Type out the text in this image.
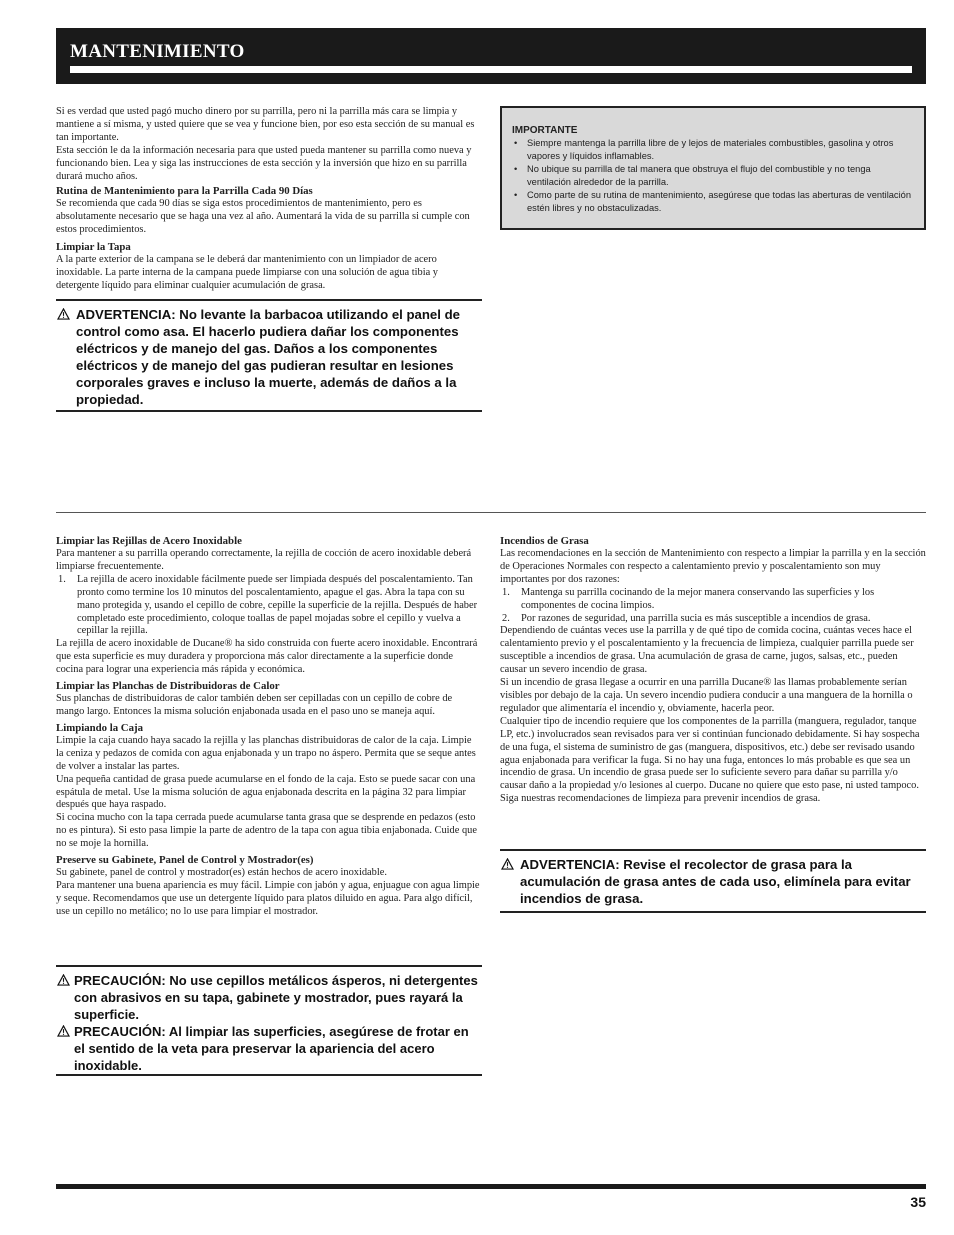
MANTENIMIENTO

Si es verdad que usted pagó mucho dinero por su parrilla, pero ni la parrilla más cara se limpia y mantiene a sí misma, y usted quiere que se vea y funcione bien, por eso esta sección de su manual es tan importante.

Esta sección le da la información necesaria para que usted pueda mantener su parrilla como nueva y funcionando bien. Lea y siga las instrucciones de esta sección y la inversión que hizo en su parrilla durará mucho años.

Rutina de Mantenimiento para la Parrilla Cada 90 Días

Se recomienda que cada 90 días se siga estos procedimientos de mantenimiento, pero es absolutamente necesario que se haga una vez al año. Aumentará la vida de su parrilla si cumple con estos procedimientos.

Limpiar la Tapa

A la parte exterior de la campana se le deberá dar mantenimiento con un limpiador de acero inoxidable. La parte interna de la campana puede limpiarse con una solución de agua tibia y detergente líquido para eliminar cualquier acumulación de grasa.

ADVERTENCIA: No levante la barbacoa utilizando el panel de control como asa. El hacerlo pudiera dañar los componentes eléctricos y de manejo del gas. Daños a los componentes eléctricos y de manejo del gas pudieran resultar en lesiones corporales graves e incluso la muerte, además de daños a la propiedad.
IMPORTANTE
• Siempre mantenga la parrilla libre de y lejos de materiales combustibles, gasolina y otros vapores y líquidos inflamables.
• No ubique su parrilla de tal manera que obstruya el flujo del combustible y no tenga ventilación alrededor de la parrilla.
• Como parte de su rutina de mantenimiento, asegúrese que todas las aberturas de ventilación estén libres y no obstaculizadas.
Limpiar las Rejillas de Acero Inoxidable

Para mantener a su parrilla operando correctamente, la rejilla de cocción de acero inoxidable deberá limpiarse frecuentemente.

1. La rejilla de acero inoxidable fácilmente puede ser limpiada después del poscalentamiento. Tan pronto como termine los 10 minutos del poscalentamiento, apague el gas. Abra la tapa con su mano protegida y, usando el cepillo de cobre, cepille la superficie de la rejilla. Después de haber completado este procedimiento, coloque toallas de papel mojadas sobre el cepillo y vuelva a cepillar la rejilla.

La rejilla de acero inoxidable de Ducane® ha sido construida con fuerte acero inoxidable. Encontrará que esta superficie es muy duradera y proporciona más calor directamente a la superficie donde cocina para lograr una experiencia más rápida y económica.

Limpiar las Planchas de Distribuidoras de Calor

Sus planchas de distribuidoras de calor también deben ser cepilladas con un cepillo de cobre de mango largo. Entonces la misma solución enjabonada usada en el paso uno se maneja aquí.

Limpiando la Caja

Limpie la caja cuando haya sacado la rejilla y las planchas distribuidoras de calor de la caja. Limpie la ceniza y pedazos de comida con agua enjabonada y un trapo no áspero. Permita que se seque antes de volver a instalar las partes.

Una pequeña cantidad de grasa puede acumularse en el fondo de la caja. Esto se puede sacar con una espátula de metal. Use la misma solución de agua enjabonada descrita en la página 32 para limpiar después que haya raspado.

Si cocina mucho con la tapa cerrada puede acumularse tanta grasa que se desprende en pedazos (esto no es pintura). Si esto pasa limpie la parte de adentro de la tapa con agua tibia enjabonada. Cuide que no se moje la hornilla.

Preserve su Gabinete, Panel de Control y Mostrador(es)

Su gabinete, panel de control y mostrador(es) están hechos de acero inoxidable.

Para mantener una buena apariencia es muy fácil. Limpie con jabón y agua, enjuague con agua limpie y seque. Recomendamos que use un detergente líquido para platos diluido en agua. Para algo difícil, use un cepillo no metálico; no lo use para limpiar el mostrador.

PRECAUCIÓN: No use cepillos metálicos ásperos, ni detergentes con abrasivos en su tapa, gabinete y mostrador, pues rayará la superficie.
PRECAUCIÓN: Al limpiar las superficies, asegúrese de frotar en el sentido de la veta para preservar la apariencia del acero inoxidable.
Incendios de Grasa

Las recomendaciones en la sección de Mantenimiento con respecto a limpiar la parrilla y en la sección de Operaciones Normales con respecto a calentamiento previo y poscalentamiento son muy importantes por dos razones:

1. Mantenga su parrilla cocinando de la mejor manera conservando las superficies y los componentes de cocina limpios.
2. Por razones de seguridad, una parrilla sucia es más susceptible a incendios de grasa.

Dependiendo de cuántas veces use la parrilla y de qué tipo de comida cocina, cuántas veces hace el calentamiento previo y el poscalentamiento y la frecuencia de limpieza, cualquier parrilla puede ser susceptible a incendios de grasa. Una acumulación de grasa de carne, jugos, salsas, etc., pueden causar un severo incendio de grasa.

Si un incendio de grasa llegase a ocurrir en una parrilla Ducane® las llamas probablemente serían visibles por debajo de la caja. Un severo incendio pudiera conducir a una manguera de la hornilla o regulador que alimentaría el incendio y, obviamente, hacerla peor.

Cualquier tipo de incendio requiere que los componentes de la parrilla (manguera, regulador, tanque LP, etc.) involucrados sean revisados para ver si continúan funcionado debidamente. Si hay sospecha de una fuga, el sistema de suministro de gas (manguera, dispositivos, etc.) debe ser revisado usando agua enjabonada para verificar la fuga. Si no hay una fuga, entonces lo más probable es que sea un incendio de grasa. Un incendio de grasa puede ser lo suficiente severo para dañar su parrilla y/o causar daño a la propiedad y/o lesiones al cuerpo. Ducane no quiere que esto pase, ni usted tampoco. Siga nuestras recomendaciones de limpieza para prevenir incendios de grasa.

ADVERTENCIA: Revise el recolector de grasa para la acumulación de grasa antes de cada uso, elimínela para evitar incendios de grasa.
35
